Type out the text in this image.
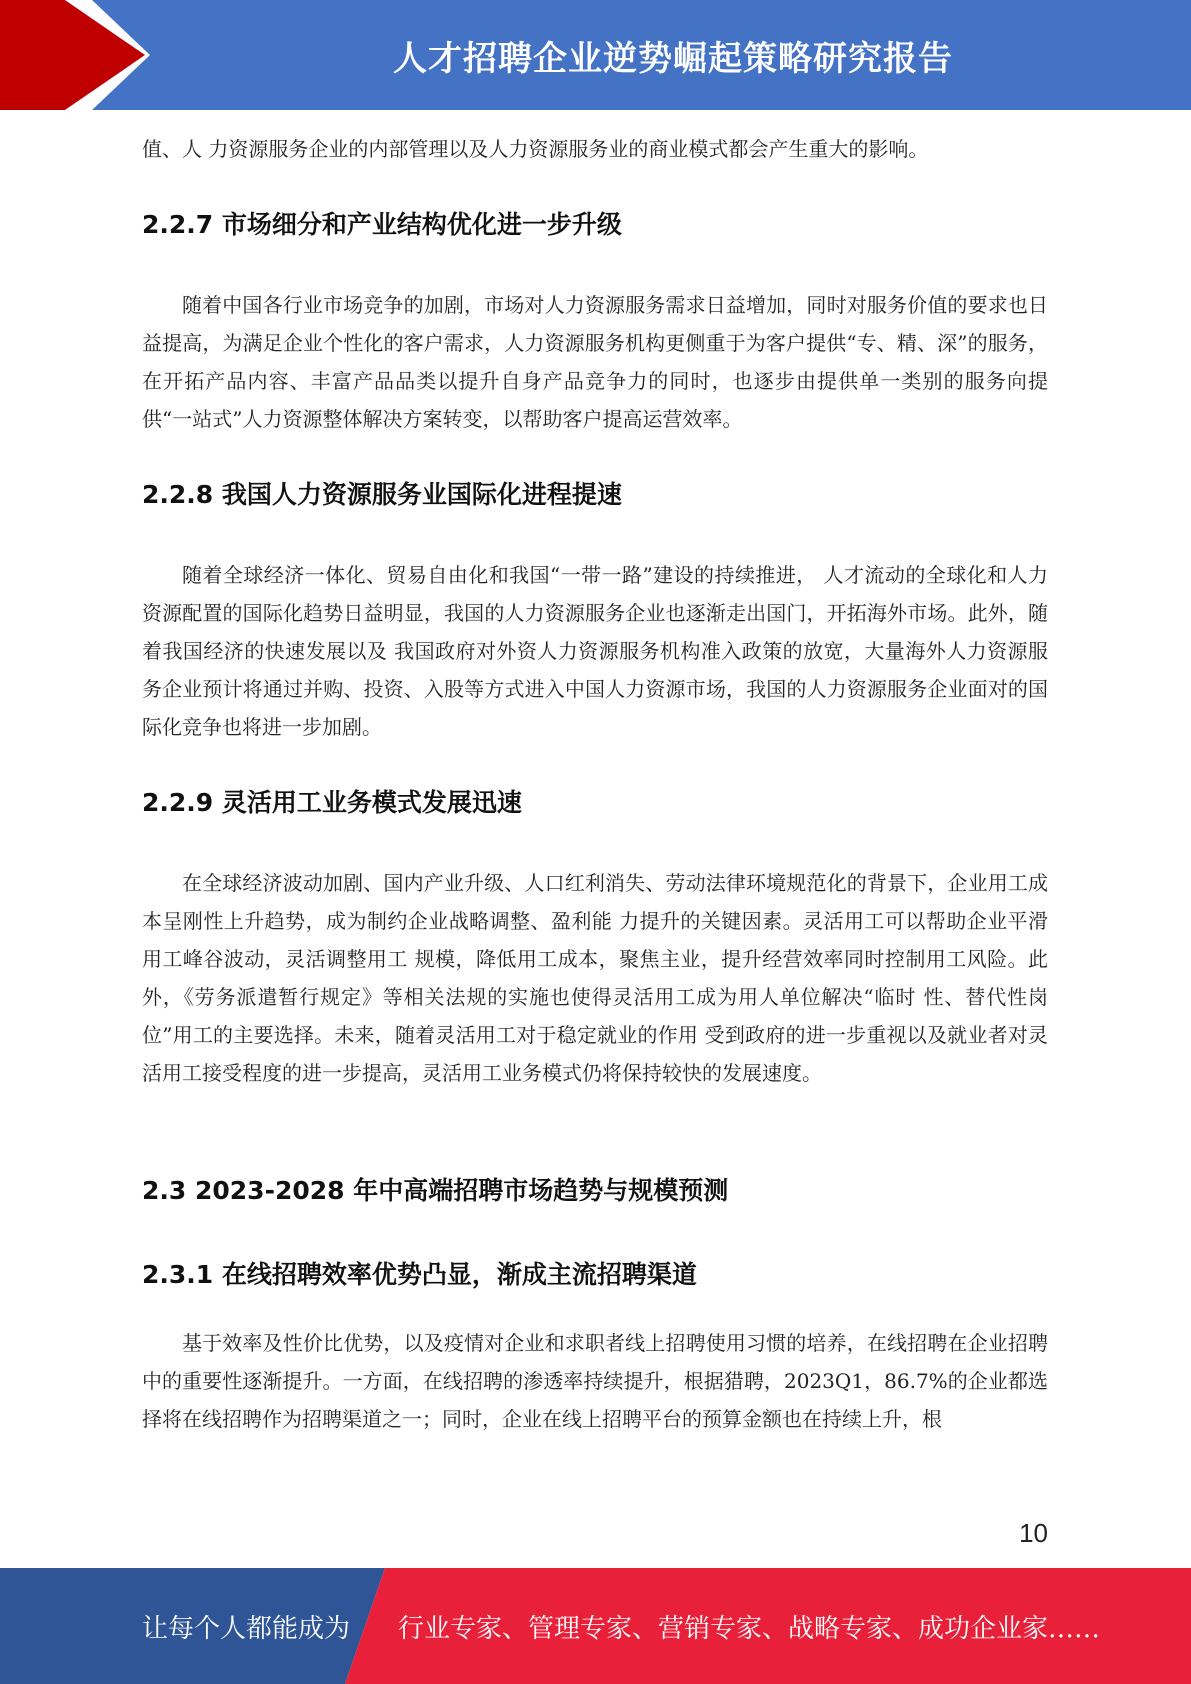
人才招聘企业逆势崛起策略研究报告

值、人 力资源服务企业的内部管理以及人力资源服务业的商业模式都会产生重大的影响。

2.2.7 市场细分和产业结构优化进一步升级

随着中国各行业市场竞争的加剧，市场对人力资源服务需求日益增加，同时对服务价值的要求也日益提高，为满足企业个性化的客户需求，人力资源服务机构更侧重于为客户提供“专、精、深”的服务，在开拓产品内容、丰富产品品类以提升自身产品竞争力的同时，也逐步由提供单一类别的服务向提供“一站式”人力资源整体解决方案转变，以帮助客户提高运营效率。

2.2.8 我国人力资源服务业国际化进程提速

随着全球经济一体化、贸易自由化和我国“一带一路”建设的持续推进， 人才流动的全球化和人力资源配置的国际化趋势日益明显，我国的人力资源服务企业也逐渐走出国门，开拓海外市场。此外，随着我国经济的快速发展以及 我国政府对外资人力资源服务机构准入政策的放宽，大量海外人力资源服务企业预计将通过并购、投资、入股等方式进入中国人力资源市场，我国的人力资源服务企业面对的国际化竞争也将进一步加剧。

2.2.9 灵活用工业务模式发展迅速

在全球经济波动加剧、国内产业升级、人口红利消失、劳动法律环境规范化的背景下，企业用工成本呈刚性上升趋势，成为制约企业战略调整、盈利能 力提升的关键因素。灵活用工可以帮助企业平滑用工峰谷波动，灵活调整用工 规模，降低用工成本，聚焦主业，提升经营效率同时控制用工风险。此外，《劳务派遣暂行规定》等相关法规的实施也使得灵活用工成为用人单位解决“临时 性、替代性岗位”用工的主要选择。未来，随着灵活用工对于稳定就业的作用 受到政府的进一步重视以及就业者对灵活用工接受程度的进一步提高，灵活用工业务模式仍将保持较快的发展速度。

2.3 2023-2028 年中高端招聘市场趋势与规模预测
2.3.1 在线招聘效率优势凸显，渐成主流招聘渠道

基于效率及性价比优势，以及疫情对企业和求职者线上招聘使用习惯的培养，在线招聘在企业招聘中的重要性逐渐提升。一方面，在线招聘的渗透率持续提升，根据猎聘，2023Q1，86.7%的企业都选择将在线招聘作为招聘渠道之一；同时，企业在线上招聘平台的预算金额也在持续上升，根

10
让每个人都能成为 行业专家、管理专家、营销专家、战略专家、成功企业家……
